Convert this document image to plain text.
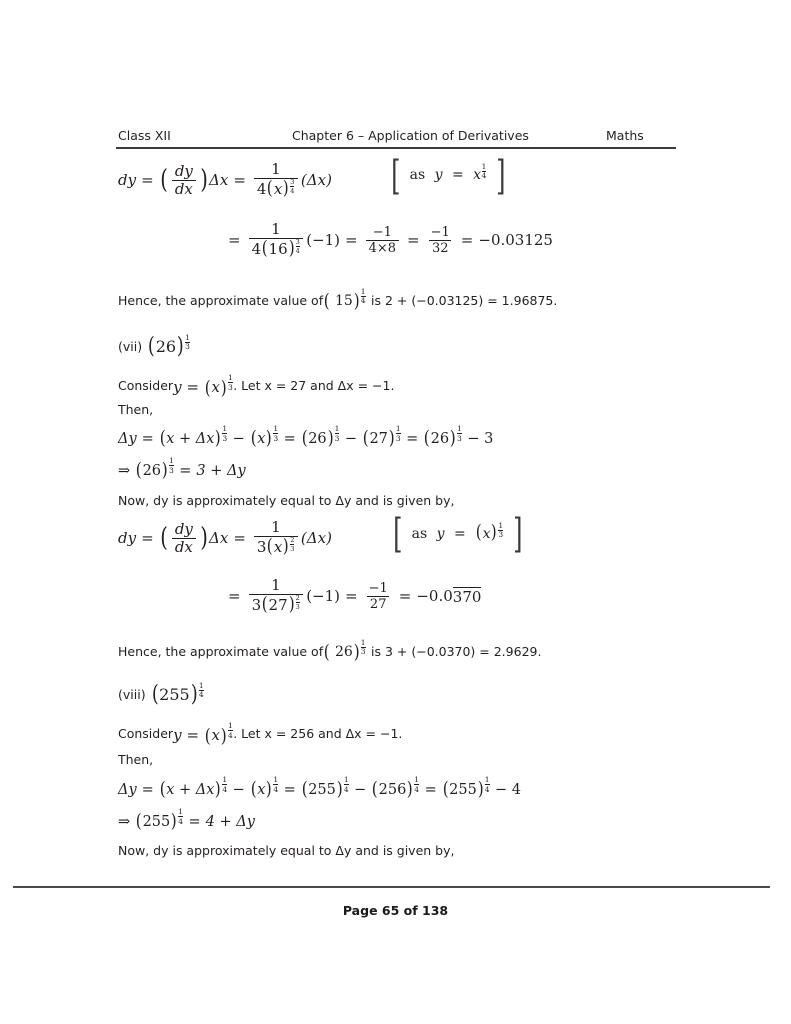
Class XII	Chapter 6 – Application of Derivatives	Maths
dy = ( $\frac{dy}{dx}$ ) $\Delta x = \frac{1}{4(x) \frac{3}{4}} (\Delta x)$ [ as y = x $\frac{1}{4}$ ]
= $\frac{1}{4(16) \frac{3}{4}} (-1) = \frac{-1}{4\times 8} = \frac{-1}{32} = -0.03125$
Hence, the approximate value of (
15 ) $\frac{1}{4}$ is 2 + (−0.03125) = 1.96875.
(vii) ( 26 ) $\frac{1}{3}$
Consider y = ( x ) $\frac{1}{3}$ . Let x = 27 and Δx = −1.
Then,
Δy = ( x + Δx ) $\frac{1}{3}$ − ( x ) $\frac{1}{3}$ = ( 26 ) $\frac{1}{3}$ − ( 27 ) $\frac{1}{3}$ = ( 26 ) $\frac{1}{3} - 3$
⇒ ( 26 ) $\frac{1}{3} = 3 + \Delta y$
Now, dy is approximately equal to Δy and is given by,
dy = ( $\frac{dy}{dx}$ ) $\Delta x = \frac{1}{3(x) \frac{2}{3}} (\Delta x)$ [ as $y = (x) \frac{1}{3}$ ]
= $\frac{1}{3(27) \frac{2}{3}} (-1) = \frac{-1}{27} = -0.0$ 370
Hence, the approximate value of (
26 ) $\frac{1}{3}$ is 3 + (−0.0370) = 2.9629.
(viii) ( 255 ) $\frac{1}{4}$
Consider y = ( x ) $\frac{1}{4}$ . Let x = 256 and Δx = −1.
Then,
Δy = ( x + Δx ) $\frac{1}{4}$ − ( x ) $\frac{1}{4}$ = ( 255 ) $\frac{1}{4}$ − ( 256 ) $\frac{1}{4}$ = ( 255 ) $\frac{1}{4} - 4$
⇒ ( 255 ) $\frac{1}{4} = 4 + \Delta y$
Now, dy is approximately equal to Δy and is given by,
Page 65 of 138
